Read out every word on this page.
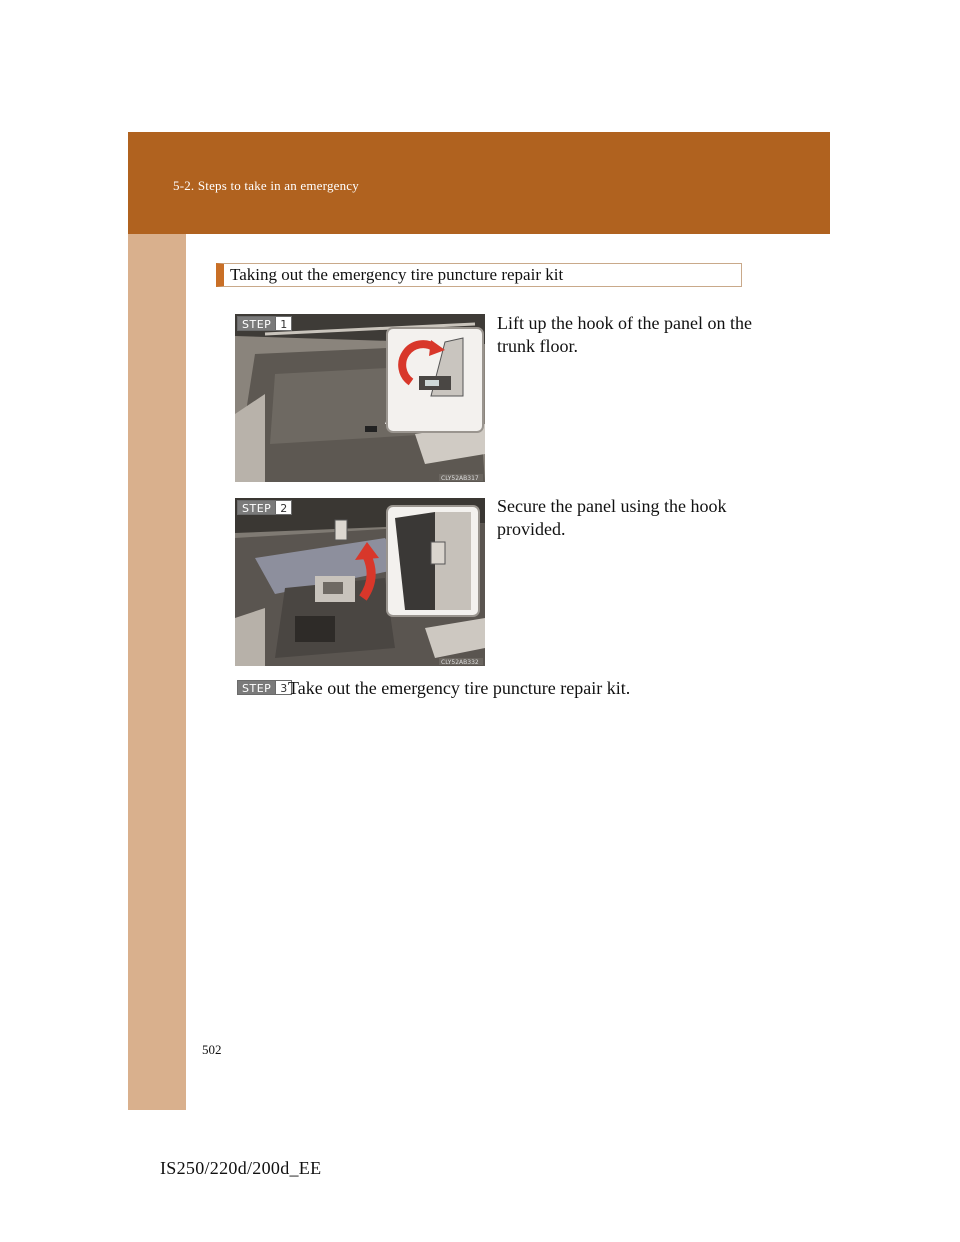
5-2. Steps to take in an emergency
Taking out the emergency tire puncture repair kit
CLY52AB317
STEP 1	Lift up the hook of the panel on the trunk floor.
CLY52AB332
STEP 2	Secure the panel using the hook provided.
STEP 3 Take out the emergency tire puncture repair kit.
502
IS250/220d/200d_EE
